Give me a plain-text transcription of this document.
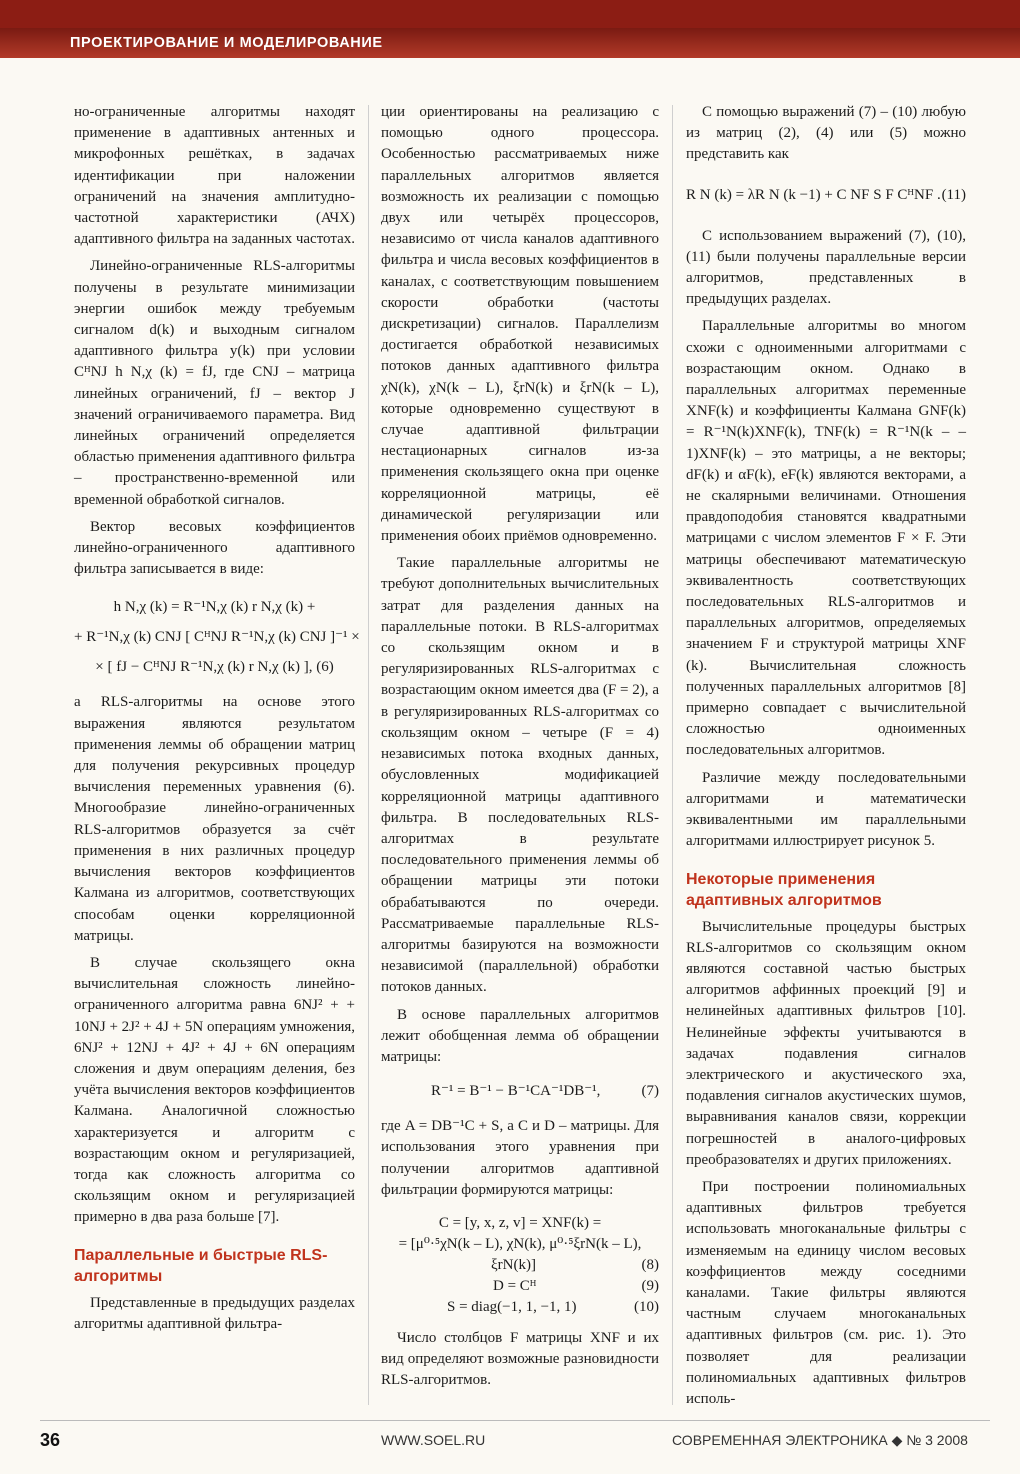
ПРОЕКТИРОВАНИЕ И МОДЕЛИРОВАНИЕ

но-ограниченные алгоритмы находят применение в адаптивных антенных и микрофонных решётках, в задачах идентификации при наложении ограничений на значения амплитудно-частотной характеристики (АЧХ) адаптивного фильтра на заданных частотах.

Линейно-ограниченные RLS-алгоритмы получены в результате минимизации энергии ошибок между требуемым сигналом d(k) и выходным сигналом адаптивного фильтра y(k) при условии CᴴNJ h N,χ (k) = fJ, где CNJ – матрица линейных ограничений, fJ – вектор J значений ограничиваемого параметра. Вид линейных ограничений определяется областью применения адаптивного фильтра – пространственно-временной или временной обработкой сигналов.

Вектор весовых коэффициентов линейно-ограниченного адаптивного фильтра записывается в виде:

h N,χ (k) = R⁻¹N,χ (k) r N,χ (k) +
+ R⁻¹N,χ (k) CNJ [ CᴴNJ R⁻¹N,χ (k) CNJ ]⁻¹ ×
× [ fJ − CᴴNJ R⁻¹N,χ (k) r N,χ (k) ], (6)

а RLS-алгоритмы на основе этого выражения являются результатом применения леммы об обращении матриц для получения рекурсивных процедур вычисления переменных уравнения (6). Многообразие линейно-ограниченных RLS-алгоритмов образуется за счёт применения в них различных процедур вычисления векторов коэффициентов Калмана из алгоритмов, соответствующих способам оценки корреляционной матрицы.

В случае скользящего окна вычислительная сложность линейно-ограниченного алгоритма равна 6NJ² + + 10NJ + 2J² + 4J + 5N операциям умножения, 6NJ² + 12NJ + 4J² + 4J + 6N операциям сложения и двум операциям деления, без учёта вычисления векторов коэффициентов Калмана. Аналогичной сложностью характеризуется и алгоритм с возрастающим окном и регуляризацией, тогда как сложность алгоритма со скользящим окном и регуляризацией примерно в два раза больше [7].

Параллельные и быстрые RLS-алгоритмы

Представленные в предыдущих разделах алгоритмы адаптивной фильтра-

ции ориентированы на реализацию с помощью одного процессора. Особенностью рассматриваемых ниже параллельных алгоритмов является возможность их реализации с помощью двух или четырёх процессоров, независимо от числа каналов адаптивного фильтра и числа весовых коэффициентов в каналах, с соответствующим повышением скорости обработки (частоты дискретизации) сигналов. Параллелизм достигается обработкой независимых потоков данных адаптивного фильтра χN(k), χN(k – L), ξrN(k) и ξrN(k – L), которые одновременно существуют в случае адаптивной фильтрации нестационарных сигналов из-за применения скользящего окна при оценке корреляционной матрицы, её динамической регуляризации или применения обоих приёмов одновременно.

Такие параллельные алгоритмы не требуют дополнительных вычислительных затрат для разделения данных на параллельные потоки. В RLS-алгоритмах со скользящим окном и в регуляризированных RLS-алгоритмах с возрастающим окном имеется два (F = 2), а в регуляризированных RLS-алгоритмах со скользящим окном – четыре (F = 4) независимых потока входных данных, обусловленных модификацией корреляционной матрицы адаптивного фильтра. В последовательных RLS-алгоритмах в результате последовательного применения леммы об обращении матрицы эти потоки обрабатываются по очереди. Рассматриваемые параллельные RLS-алгоритмы базируются на возможности независимой (параллельной) обработки потоков данных.

В основе параллельных алгоритмов лежит обобщенная лемма об обращении матрицы:

R⁻¹ = B⁻¹ − B⁻¹CA⁻¹DB⁻¹,	(7)

где A = DB⁻¹C + S, а C и D – матрицы. Для использования этого уравнения при получении алгоритмов адаптивной фильтрации формируются матрицы:

C = [y, x, z, v] = XNF(k) =
= [μ⁰·⁵χN(k – L), χN(k), μ⁰·⁵ξrN(k – L),
ξrN(k)]	(8)
D = Cᴴ	(9)
S = diag(−1, 1, −1, 1)	(10)

Число столбцов F матрицы XNF и их вид определяют возможные разновидности RLS-алгоритмов.

С помощью выражений (7) – (10) любую из матриц (2), (4) или (5) можно представить как

R N (k) = λR N (k −1) + C NF S F CᴴNF . (11)

С использованием выражений (7), (10), (11) были получены параллельные версии алгоритмов, представленных в предыдущих разделах.

Параллельные алгоритмы во многом схожи с одноименными алгоритмами с возрастающим окном. Однако в параллельных алгоритмах переменные XNF(k) и коэффициенты Калмана GNF(k) = R⁻¹N(k)XNF(k), TNF(k) = R⁻¹N(k – – 1)XNF(k) – это матрицы, а не векторы; dF(k) и αF(k), eF(k) являются векторами, а не скалярными величинами. Отношения правдоподобия становятся квадратными матрицами с числом элементов F × F. Эти матрицы обеспечивают математическую эквивалентность соответствующих последовательных RLS-алгоритмов и параллельных алгоритмов, определяемых значением F и структурой матрицы XNF (k). Вычислительная сложность полученных параллельных алгоритмов [8] примерно совпадает с вычислительной сложностью одноименных последовательных алгоритмов.

Различие между последовательными алгоритмами и математически эквивалентными им параллельными алгоритмами иллюстрирует рисунок 5.

Некоторые применения адаптивных алгоритмов

Вычислительные процедуры быстрых RLS-алгоритмов со скользящим окном являются составной частью быстрых алгоритмов аффинных проекций [9] и нелинейных адаптивных фильтров [10]. Нелинейные эффекты учитываются в задачах подавления сигналов электрического и акустического эха, подавления сигналов акустических шумов, выравнивания каналов связи, коррекции погрешностей в аналого-цифровых преобразователях и других приложениях.

При построении полиномиальных адаптивных фильтров требуется использовать многоканальные фильтры с изменяемым на единицу числом весовых коэффициентов между соседними каналами. Такие фильтры являются частным случаем многоканальных адаптивных фильтров (см. рис. 1). Это позволяет для реализации полиномиальных адаптивных фильтров исполь-

36	WWW.SOEL.RU	СОВРЕМЕННАЯ ЭЛЕКТРОНИКА ◆ № 3 2008
